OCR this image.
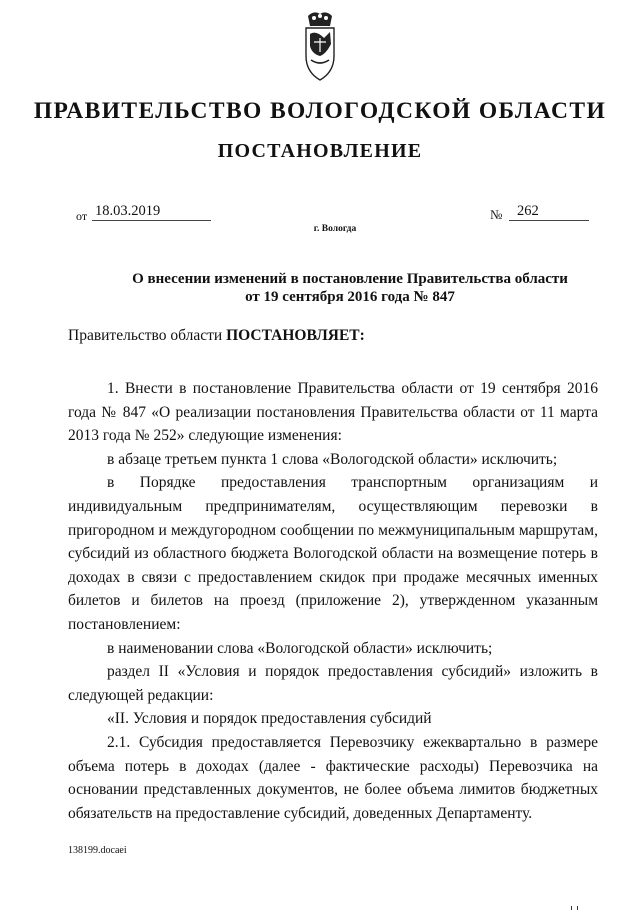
ПРАВИТЕЛЬСТВО ВОЛОГОДСКОЙ ОБЛАСТИ
ПОСТАНОВЛЕНИЕ
от 18.03.2019	№	262
г. Вологда
О внесении изменений в постановление Правительства области
от 19 сентября 2016 года № 847
Правительство области ПОСТАНОВЛЯЕТ:

1. Внести в постановление Правительства области от 19 сентября 2016 года № 847 «О реализации постановления Правительства области от 11 марта 2013 года № 252» следующие изменения:

в абзаце третьем пункта 1 слова «Вологодской области» исключить;

в Порядке предоставления транспортным организациям и индивидуальным предпринимателям, осуществляющим перевозки в пригородном и междугородном сообщении по межмуниципальным маршрутам, субсидий из областного бюджета Вологодской области на возмещение потерь в доходах в связи с предоставлением скидок при продаже месячных именных билетов и билетов на проезд (приложение 2), утвержденном указанным постановлением:

в наименовании слова «Вологодской области» исключить;

раздел II «Условия и порядок предоставления субсидий» изложить в следующей редакции:

«II. Условия и порядок предоставления субсидий

2.1. Субсидия предоставляется Перевозчику ежеквартально в размере объема потерь в доходах (далее - фактические расходы) Перевозчика на основании представленных документов, не более объема лимитов бюджетных обязательств на предоставление субсидий, доведенных Департаменту.

138199.docaei
